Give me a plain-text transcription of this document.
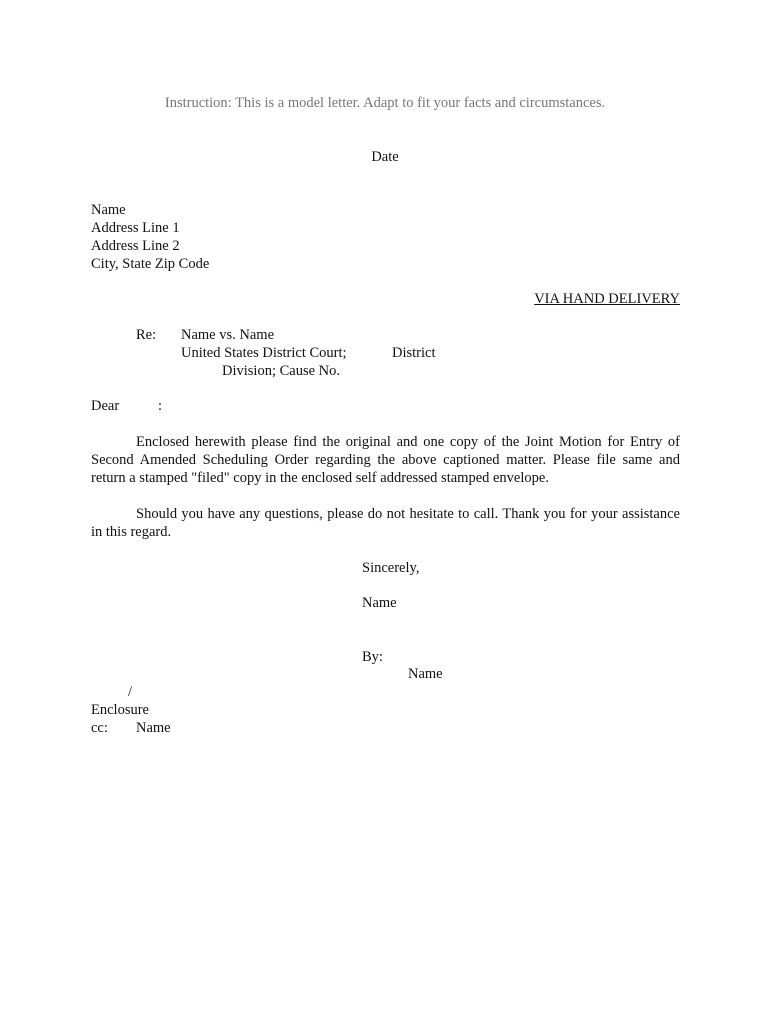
Instruction: This is a model letter. Adapt to fit your facts and circumstances.
Date
Name
Address Line 1
Address Line 2
City, State Zip Code
VIA HAND DELIVERY
Re: Name vs. Name
United States District Court;	District
Division; Cause No.
Dear	:
Enclosed herewith please find the original and one copy of the Joint Motion for Entry of Second Amended Scheduling Order regarding the above captioned matter. Please file same and return a stamped "filed" copy in the enclosed self addressed stamped envelope.
Should you have any questions, please do not hesitate to call. Thank you for your assistance in this regard.
Sincerely,
Name
By:
Name
/
Enclosure
cc: Name
